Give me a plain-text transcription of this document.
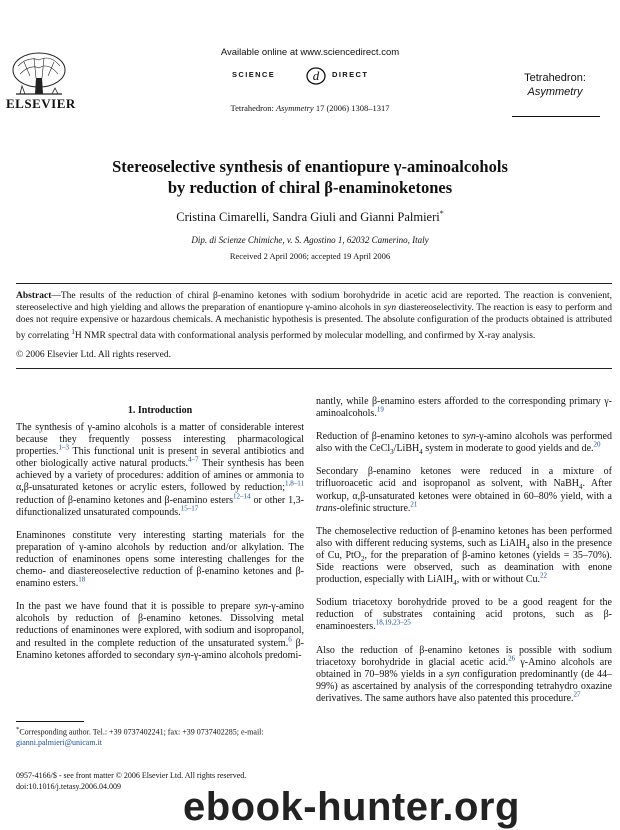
ELSEVIER
Available online at www.sciencedirect.com
SCIENCE	d DIRECT
Tetrahedron: Asymmetry 17 (2006) 1308–1317
Tetrahedron:
Asymmetry
Stereoselective synthesis of enantiopure γ-aminoalcohols
by reduction of chiral β-enaminoketones
Cristina Cimarelli, Sandra Giuli and Gianni Palmieri*
Dip. di Scienze Chimiche, v. S. Agostino 1, 62032 Camerino, Italy
Received 2 April 2006; accepted 19 April 2006
Abstract—The results of the reduction of chiral β-enamino ketones with sodium borohydride in acetic acid are reported. The reaction is convenient, stereoselective and high yielding and allows the preparation of enantiopure γ-amino alcohols in syn diastereoselectivity. The reaction is easy to perform and does not require expensive or hazardous chemicals. A mechanistic hypothesis is presented. The absolute configuration of the products obtained is attributed by correlating $^1$H NMR spectral data with conformational analysis performed by molecular modelling, and confirmed by X-ray analysis.
© 2006 Elsevier Ltd. All rights reserved.
1. Introduction

The synthesis of γ-amino alcohols is a matter of considerable interest because they frequently possess interesting pharmacological properties.$^{1-3}$ This functional unit is present in several antibiotics and other biologically active natural products.$^{4-7}$ Their synthesis has been achieved by a variety of procedures: addition of amines or ammonia to α,β-unsaturated ketones or acrylic esters, followed by reduction;$^{1,8-11}$ reduction of β-enamino ketones and β-enamino esters$^{12-14}$ or other 1,3-difunctionalized unsaturated compounds.$^{15-17}$

Enaminones constitute very interesting starting materials for the preparation of γ-amino alcohols by reduction and/or alkylation. The reduction of enaminones opens some interesting challenges for the chemo- and diastereoselective reduction of β-enamino ketones and β-enamino esters.$^{18}$

In the past we have found that it is possible to prepare syn-γ-amino alcohols by reduction of β-enamino ketones. Dissolving metal reductions of enaminones were explored, with sodium and isopropanol, and resulted in the complete reduction of the unsaturated system.$^6$ β-Enamino ketones afforded to secondary syn-γ-amino alcohols predomi-

nantly, while β-enamino esters afforded to the corresponding primary γ-aminoalcohols.$^{19}$

Reduction of β-enamino ketones to syn-γ-amino alcohols was performed also with the CeCl$_3$/LiBH$_4$ system in moderate to good yields and de.$^{20}$

Secondary β-enamino ketones were reduced in a mixture of trifluoroacetic acid and isopropanol as solvent, with NaBH$_4$. After workup, α,β-unsaturated ketones were obtained in 60–80% yield, with a trans-olefinic structure.$^{21}$

The chemoselective reduction of β-enamino ketones has been performed also with different reducing systems, such as LiAlH$_4$ also in the presence of Cu, PtO$_2$, for the preparation of β-amino ketones (yields = 35–70%). Side reactions were observed, such as deamination with enone production, especially with LiAlH$_4$, with or without Cu.$^{22}$

Sodium triacetoxy borohydride proved to be a good reagent for the reduction of substrates containing acid protons, such as β-enaminoesters.$^{18,19,23-25}$

Also the reduction of β-enamino ketones is possible with sodium triacetoxy borohydride in glacial acetic acid.$^{26}$ γ-Amino alcohols are obtained in 70–98% yields in a syn configuration predominantly (de 44–99%) as ascertained by analysis of the corresponding tetrahydro oxazine derivatives. The same authors have also patented this procedure.$^{27}$

*Corresponding author. Tel.: +39 0737402241; fax: +39 0737402285; e-mail: gianni.palmieri@unicam.it
0957-4166/$ - see front matter © 2006 Elsevier Ltd. All rights reserved.
doi:10.1016/j.tetasy.2006.04.009	ebook-hunter.org
